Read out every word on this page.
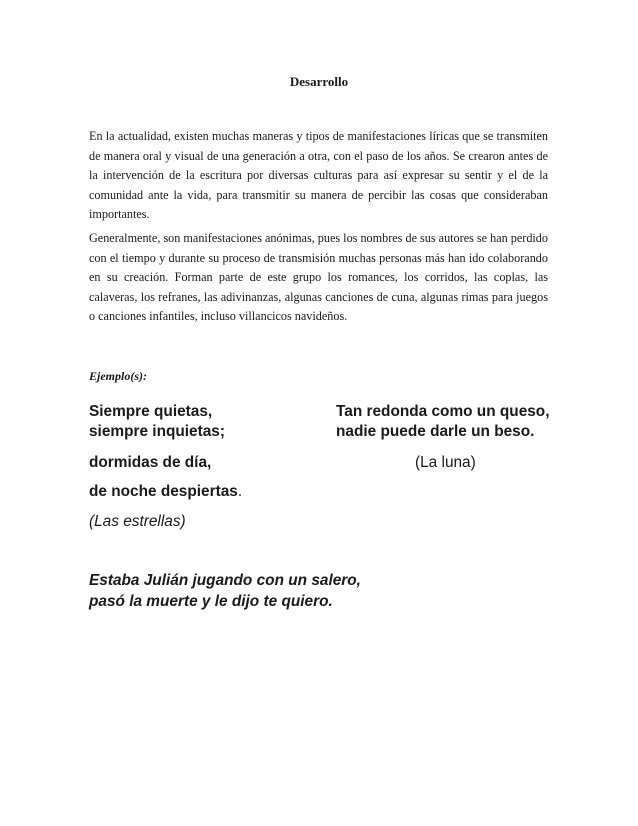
Desarrollo

En la actualidad, existen muchas maneras y tipos de manifestaciones líricas que se transmiten de manera oral y visual de una generación a otra, con el paso de los años. Se crearon antes de la intervención de la escritura por diversas culturas para así expresar su sentir y el de la comunidad ante la vida, para transmitir su manera de percibir las cosas que consideraban importantes.

Generalmente, son manifestaciones anónimas, pues los nombres de sus autores se han perdido con el tiempo y durante su proceso de transmisión muchas personas más han ido colaborando en su creación. Forman parte de este grupo los romances, los corridos, las coplas, las calaveras, los refranes, las adivinanzas, algunas canciones de cuna, algunas rimas para juegos o canciones infantiles, incluso villancicos navideños.

Ejemplo(s):
Siempre quietas,
siempre inquietas;
dormidas de día,
de noche despiertas.
(Las estrellas)
Tan redonda como un queso,
nadie puede darle un beso.
(La luna)
Estaba Julián jugando con un salero,
pasó la muerte y le dijo te quiero.
